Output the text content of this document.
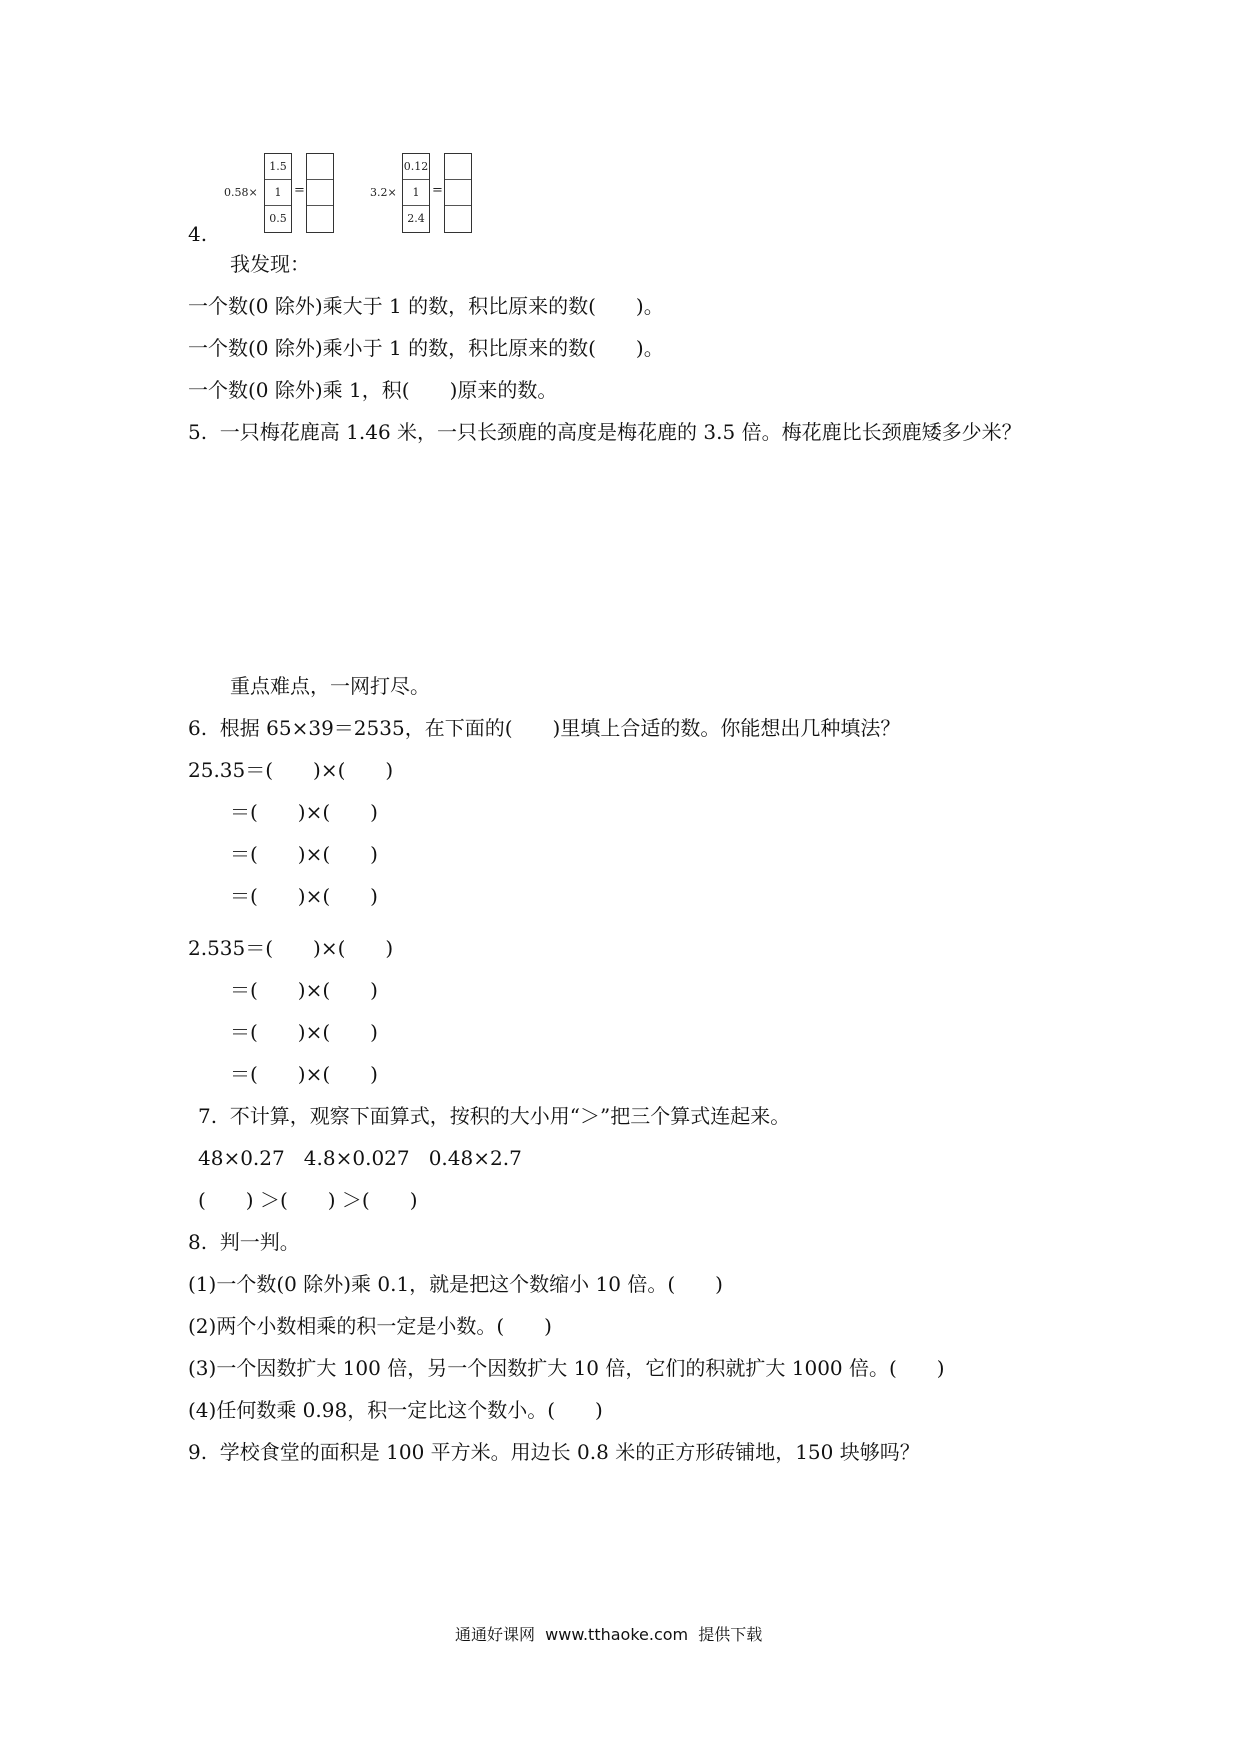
0.58×
1.5
1
0.5
=	3.2×
0.12
1
2.4
=
4.
我发现：
一个数(0 除外)乘大于 1 的数，积比原来的数(　　)。
一个数(0 除外)乘小于 1 的数，积比原来的数(　　)。
一个数(0 除外)乘 1，积(　　)原来的数。
5.  一只梅花鹿高 1.46 米，一只长颈鹿的高度是梅花鹿的 3.5 倍。梅花鹿比长颈鹿矮多少米？
重点难点，一网打尽。
6.  根据 65×39＝2535，在下面的(　　)里填上合适的数。你能想出几种填法？
25.35＝(　　)×(　　)
＝(　　)×(　　)
＝(　　)×(　　)
＝(　　)×(　　)
2.535＝(　　)×(　　)
＝(　　)×(　　)
＝(　　)×(　　)
＝(　　)×(　　)
7.  不计算，观察下面算式，按积的大小用“＞”把三个算式连起来。
48×0.27   4.8×0.027   0.48×2.7
(　　) ＞(　　) ＞(　　)
8.  判一判。
(1)一个数(0 除外)乘 0.1，就是把这个数缩小 10 倍。(　　)
(2)两个小数相乘的积一定是小数。(　　)
(3)一个因数扩大 100 倍，另一个因数扩大 10 倍，它们的积就扩大 1000 倍。(　　)
(4)任何数乘 0.98，积一定比这个数小。(　　)
9.  学校食堂的面积是 100 平方米。用边长 0.8 米的正方形砖铺地，150 块够吗？
通通好课网  www.tthaoke.com  提供下载
